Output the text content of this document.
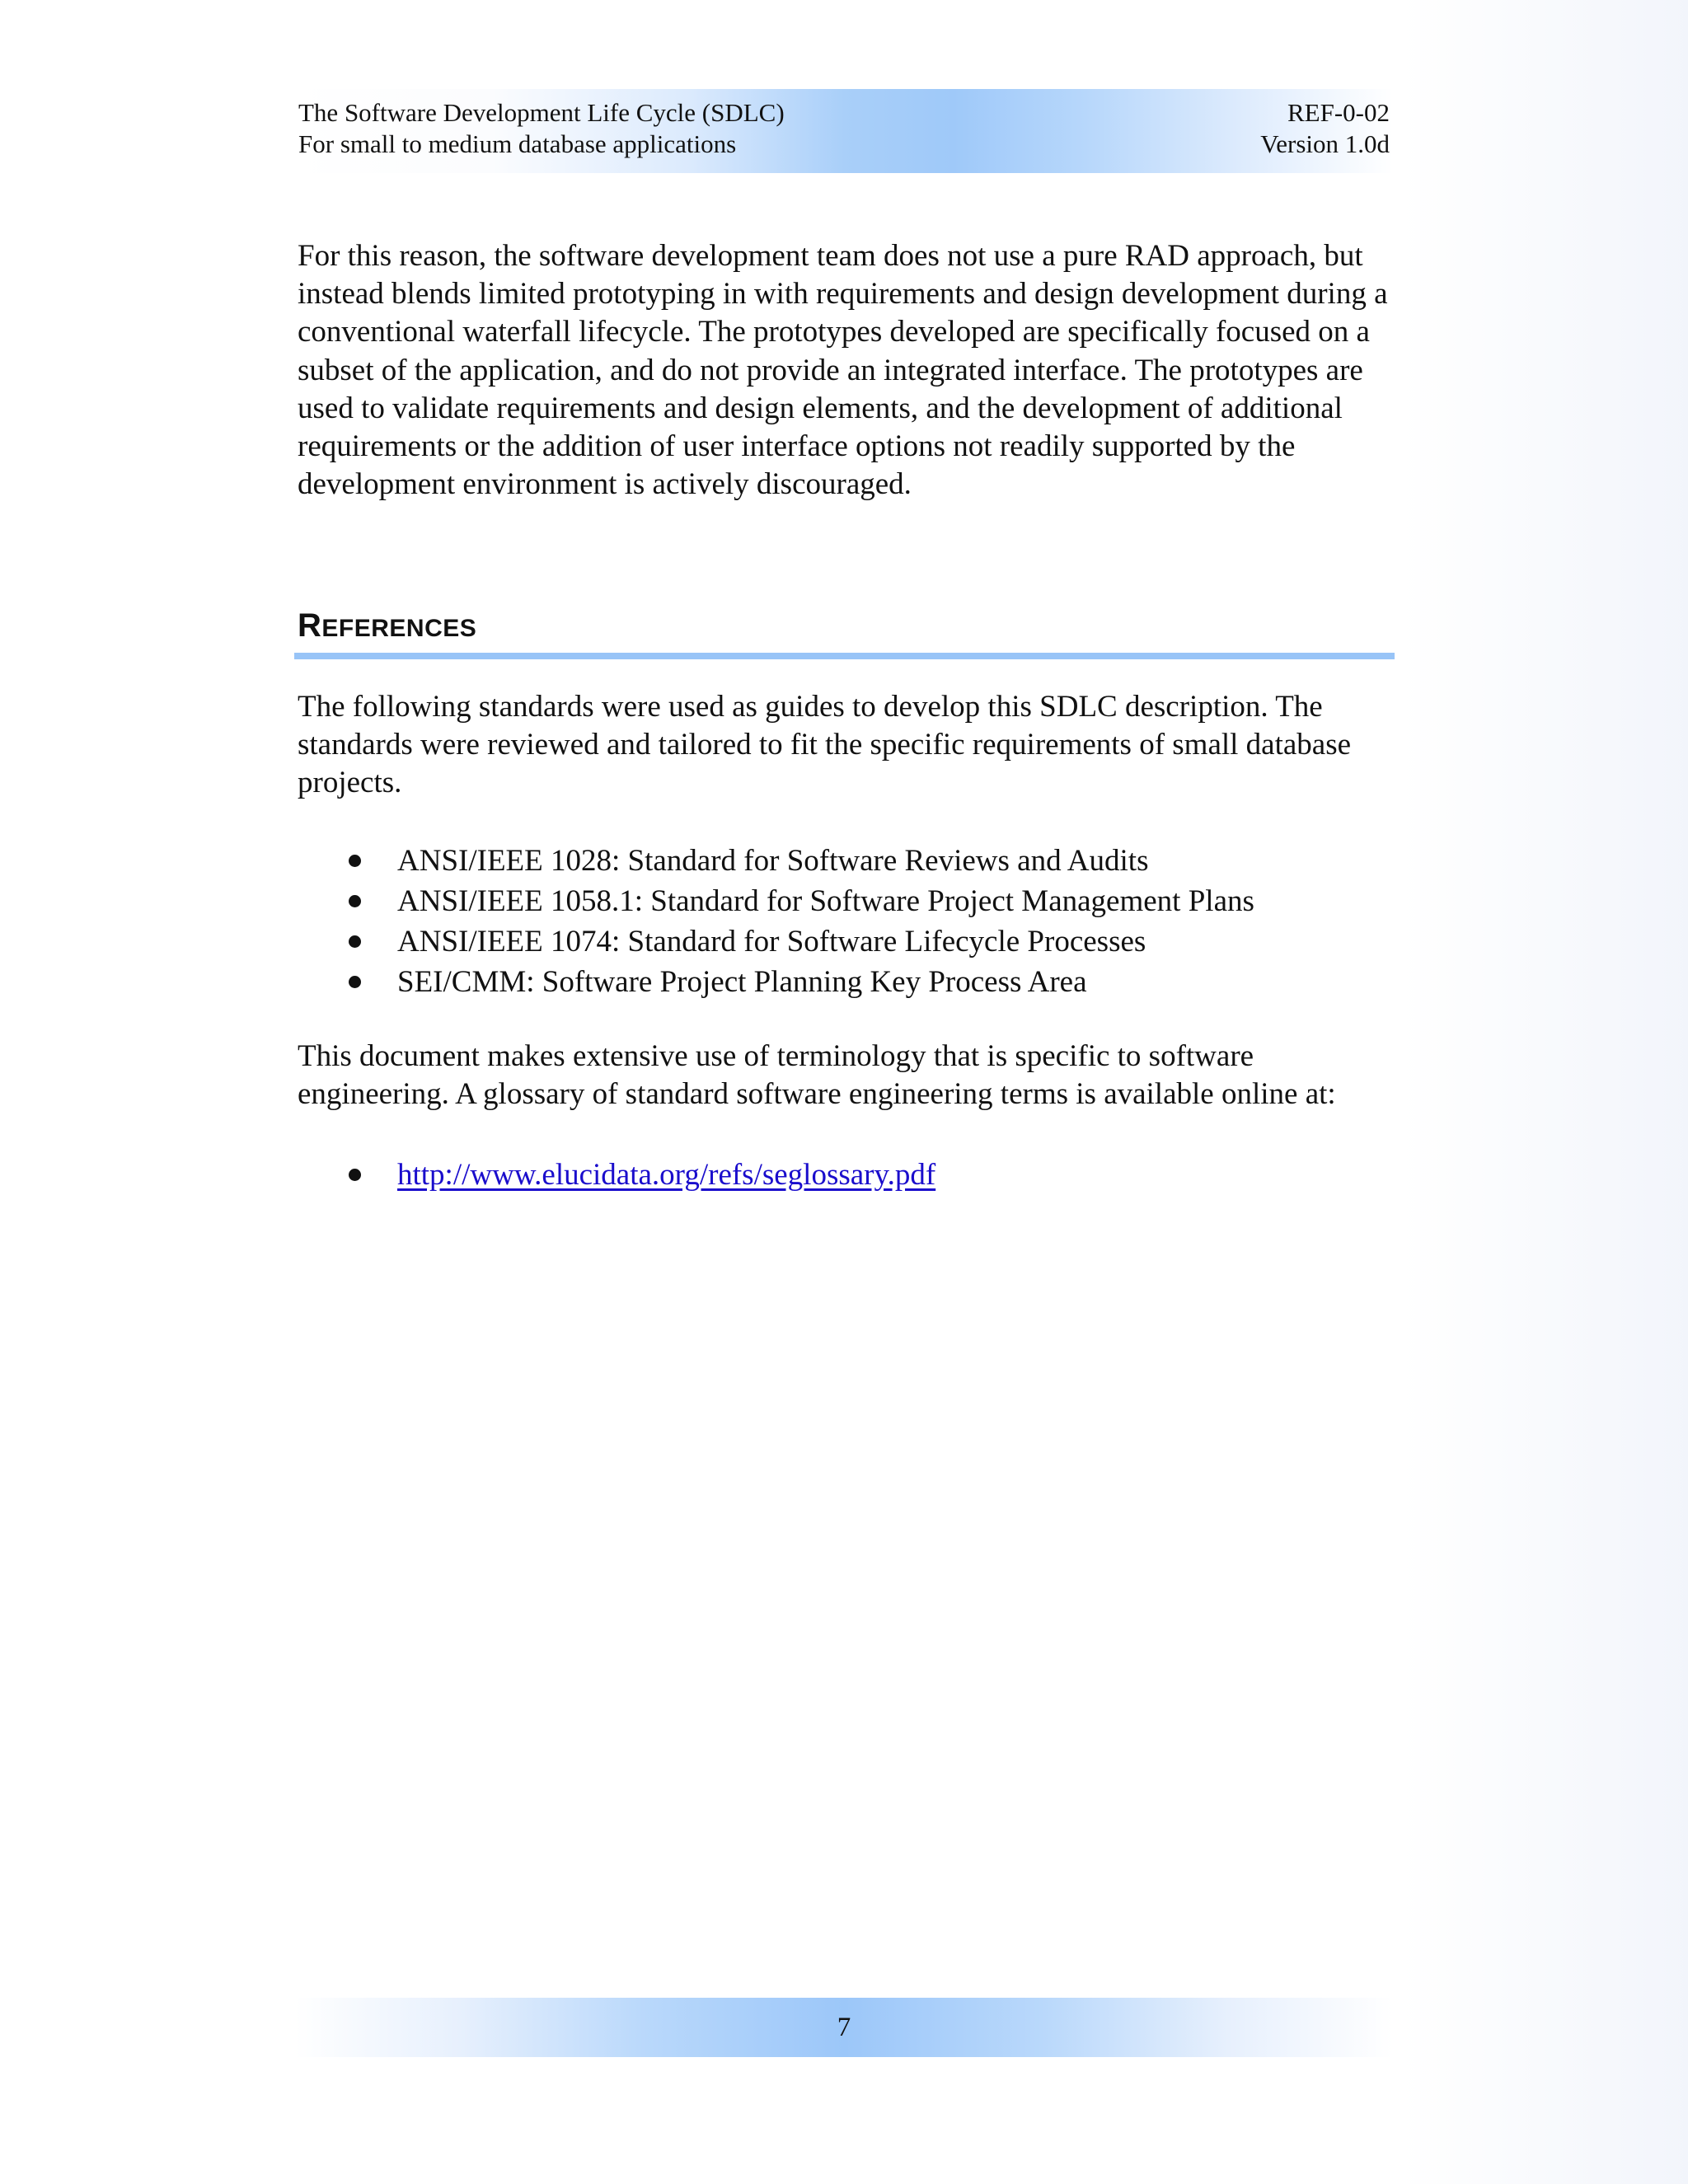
The Software Development Life Cycle (SDLC)
For small to medium database applications
REF-0-02
Version 1.0d

For this reason, the software development team does not use a pure RAD approach, but instead blends limited prototyping in with requirements and design development during a conventional waterfall lifecycle. The prototypes developed are specifically focused on a subset of the application, and do not provide an integrated interface. The prototypes are used to validate requirements and design elements, and the development of additional requirements or the addition of user interface options not readily supported by the development environment is actively discouraged.

REFERENCES

The following standards were used as guides to develop this SDLC description. The standards were reviewed and tailored to fit the specific requirements of small database projects.

ANSI/IEEE 1028: Standard for Software Reviews and Audits
ANSI/IEEE 1058.1: Standard for Software Project Management Plans
ANSI/IEEE 1074: Standard for Software Lifecycle Processes
SEI/CMM: Software Project Planning Key Process Area

This document makes extensive use of terminology that is specific to software engineering. A glossary of standard software engineering terms is available online at:

http://www.elucidata.org/refs/seglossary.pdf
7
